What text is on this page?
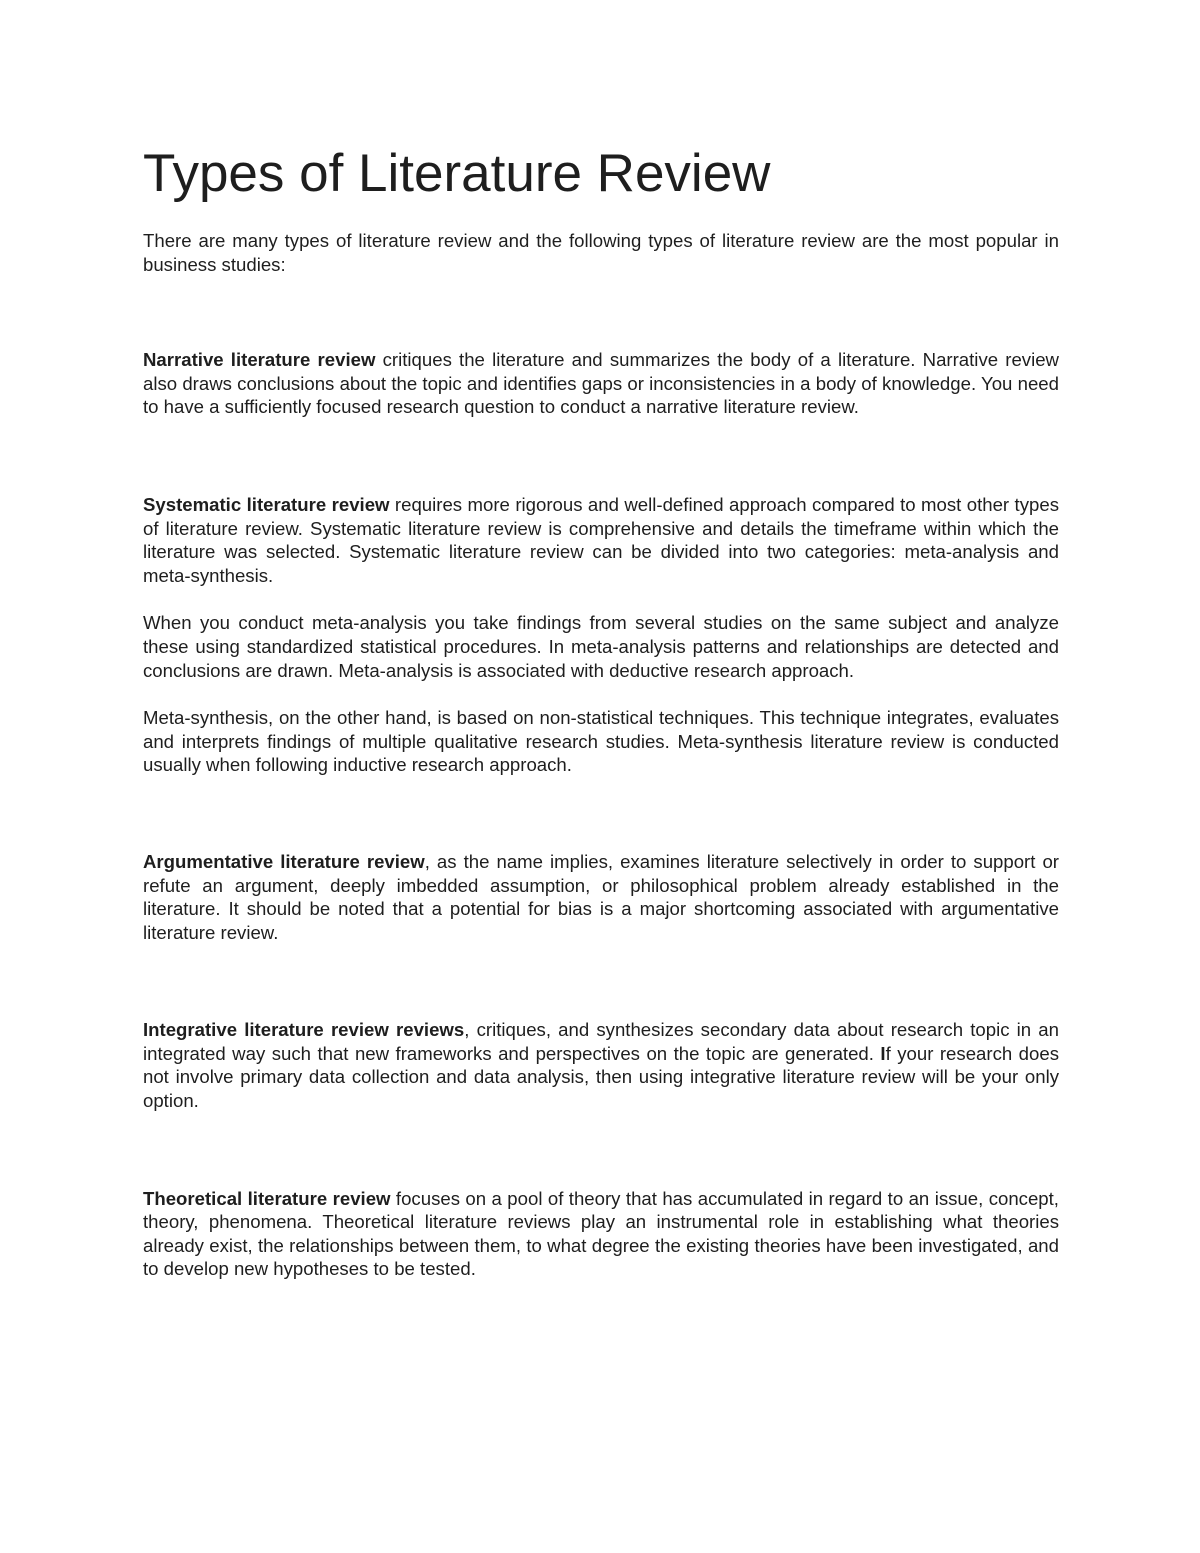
Types of Literature Review

There are many types of literature review and the following types of literature review are the most popular in business studies:

Narrative literature review critiques the literature and summarizes the body of a literature. Narrative review also draws conclusions about the topic and identifies gaps or inconsistencies in a body of knowledge. You need to have a sufficiently focused research question to conduct a narrative literature review.

Systematic literature review requires more rigorous and well-defined approach compared to most other types of literature review. Systematic literature review is comprehensive and details the timeframe within which the literature was selected. Systematic literature review can be divided into two categories: meta-analysis and meta-synthesis.

When you conduct meta-analysis you take findings from several studies on the same subject and analyze these using standardized statistical procedures. In meta-analysis patterns and relationships are detected and conclusions are drawn. Meta-analysis is associated with deductive research approach.

Meta-synthesis, on the other hand, is based on non-statistical techniques. This technique integrates, evaluates and interprets findings of multiple qualitative research studies. Meta-synthesis literature review is conducted usually when following inductive research approach.

Argumentative literature review, as the name implies, examines literature selectively in order to support or refute an argument, deeply imbedded assumption, or philosophical problem already established in the literature. It should be noted that a potential for bias is a major shortcoming associated with argumentative literature review.

Integrative literature review reviews, critiques, and synthesizes secondary data about research topic in an integrated way such that new frameworks and perspectives on the topic are generated. If your research does not involve primary data collection and data analysis, then using integrative literature review will be your only option.

Theoretical literature review focuses on a pool of theory that has accumulated in regard to an issue, concept, theory, phenomena. Theoretical literature reviews play an instrumental role in establishing what theories already exist, the relationships between them, to what degree the existing theories have been investigated, and to develop new hypotheses to be tested.
